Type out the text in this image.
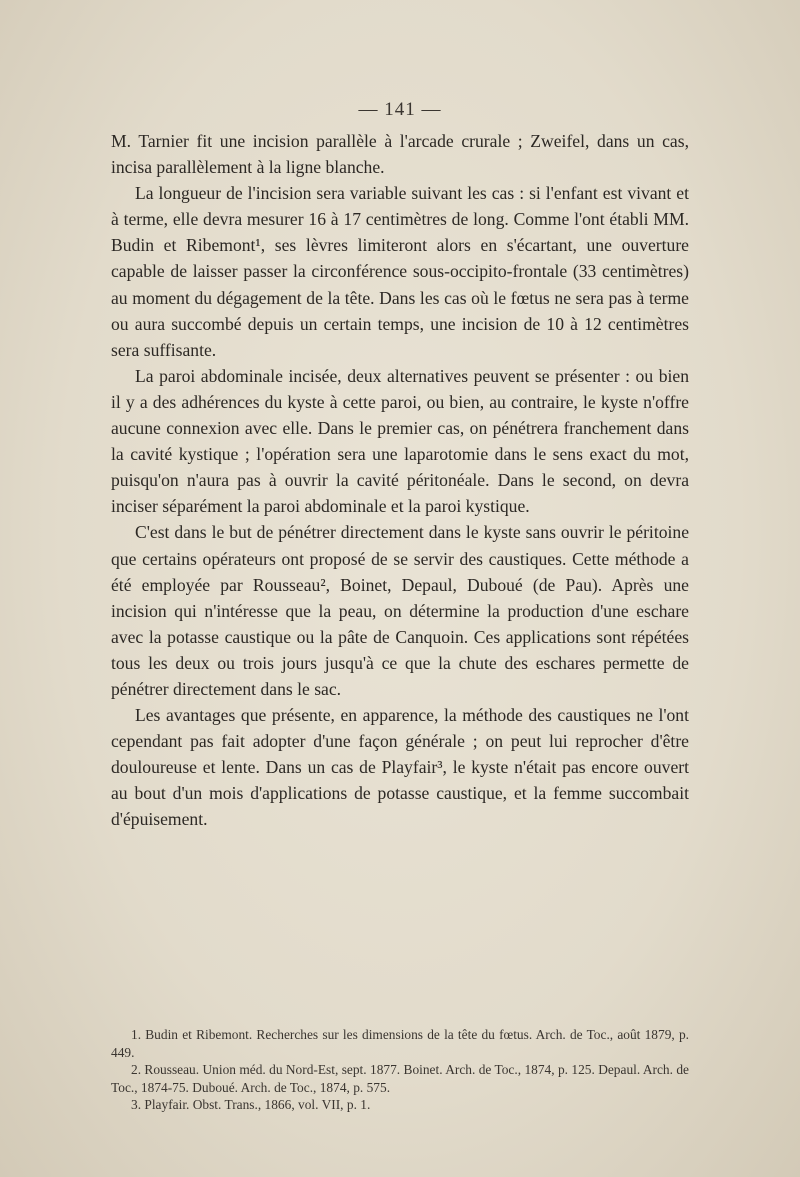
— 141 —

M. Tarnier fit une incision parallèle à l'arcade crurale ; Zweifel, dans un cas, incisa parallèlement à la ligne blanche.

La longueur de l'incision sera variable suivant les cas : si l'enfant est vivant et à terme, elle devra mesurer 16 à 17 centimètres de long. Comme l'ont établi MM. Budin et Ribemont¹, ses lèvres limiteront alors en s'écartant, une ouverture capable de laisser passer la circonférence sous-occipito-frontale (33 centimètres) au moment du dégagement de la tête. Dans les cas où le fœtus ne sera pas à terme ou aura succombé depuis un certain temps, une incision de 10 à 12 centimètres sera suffisante.

La paroi abdominale incisée, deux alternatives peuvent se présenter : ou bien il y a des adhérences du kyste à cette paroi, ou bien, au contraire, le kyste n'offre aucune connexion avec elle. Dans le premier cas, on pénétrera franchement dans la cavité kystique ; l'opération sera une laparotomie dans le sens exact du mot, puisqu'on n'aura pas à ouvrir la cavité péritonéale. Dans le second, on devra inciser séparément la paroi abdominale et la paroi kystique.

C'est dans le but de pénétrer directement dans le kyste sans ouvrir le péritoine que certains opérateurs ont proposé de se servir des caustiques. Cette méthode a été employée par Rousseau², Boinet, Depaul, Duboué (de Pau). Après une incision qui n'intéresse que la peau, on détermine la production d'une eschare avec la potasse caustique ou la pâte de Canquoin. Ces applications sont répétées tous les deux ou trois jours jusqu'à ce que la chute des eschares permette de pénétrer directement dans le sac.

Les avantages que présente, en apparence, la méthode des caustiques ne l'ont cependant pas fait adopter d'une façon générale ; on peut lui reprocher d'être douloureuse et lente. Dans un cas de Playfair³, le kyste n'était pas encore ouvert au bout d'un mois d'applications de potasse caustique, et la femme succombait d'épuisement.

1. Budin et Ribemont. Recherches sur les dimensions de la tête du fœtus. Arch. de Toc., août 1879, p. 449.

2. Rousseau. Union méd. du Nord-Est, sept. 1877. Boinet. Arch. de Toc., 1874, p. 125. Depaul. Arch. de Toc., 1874-75. Duboué. Arch. de Toc., 1874, p. 575.

3. Playfair. Obst. Trans., 1866, vol. VII, p. 1.
